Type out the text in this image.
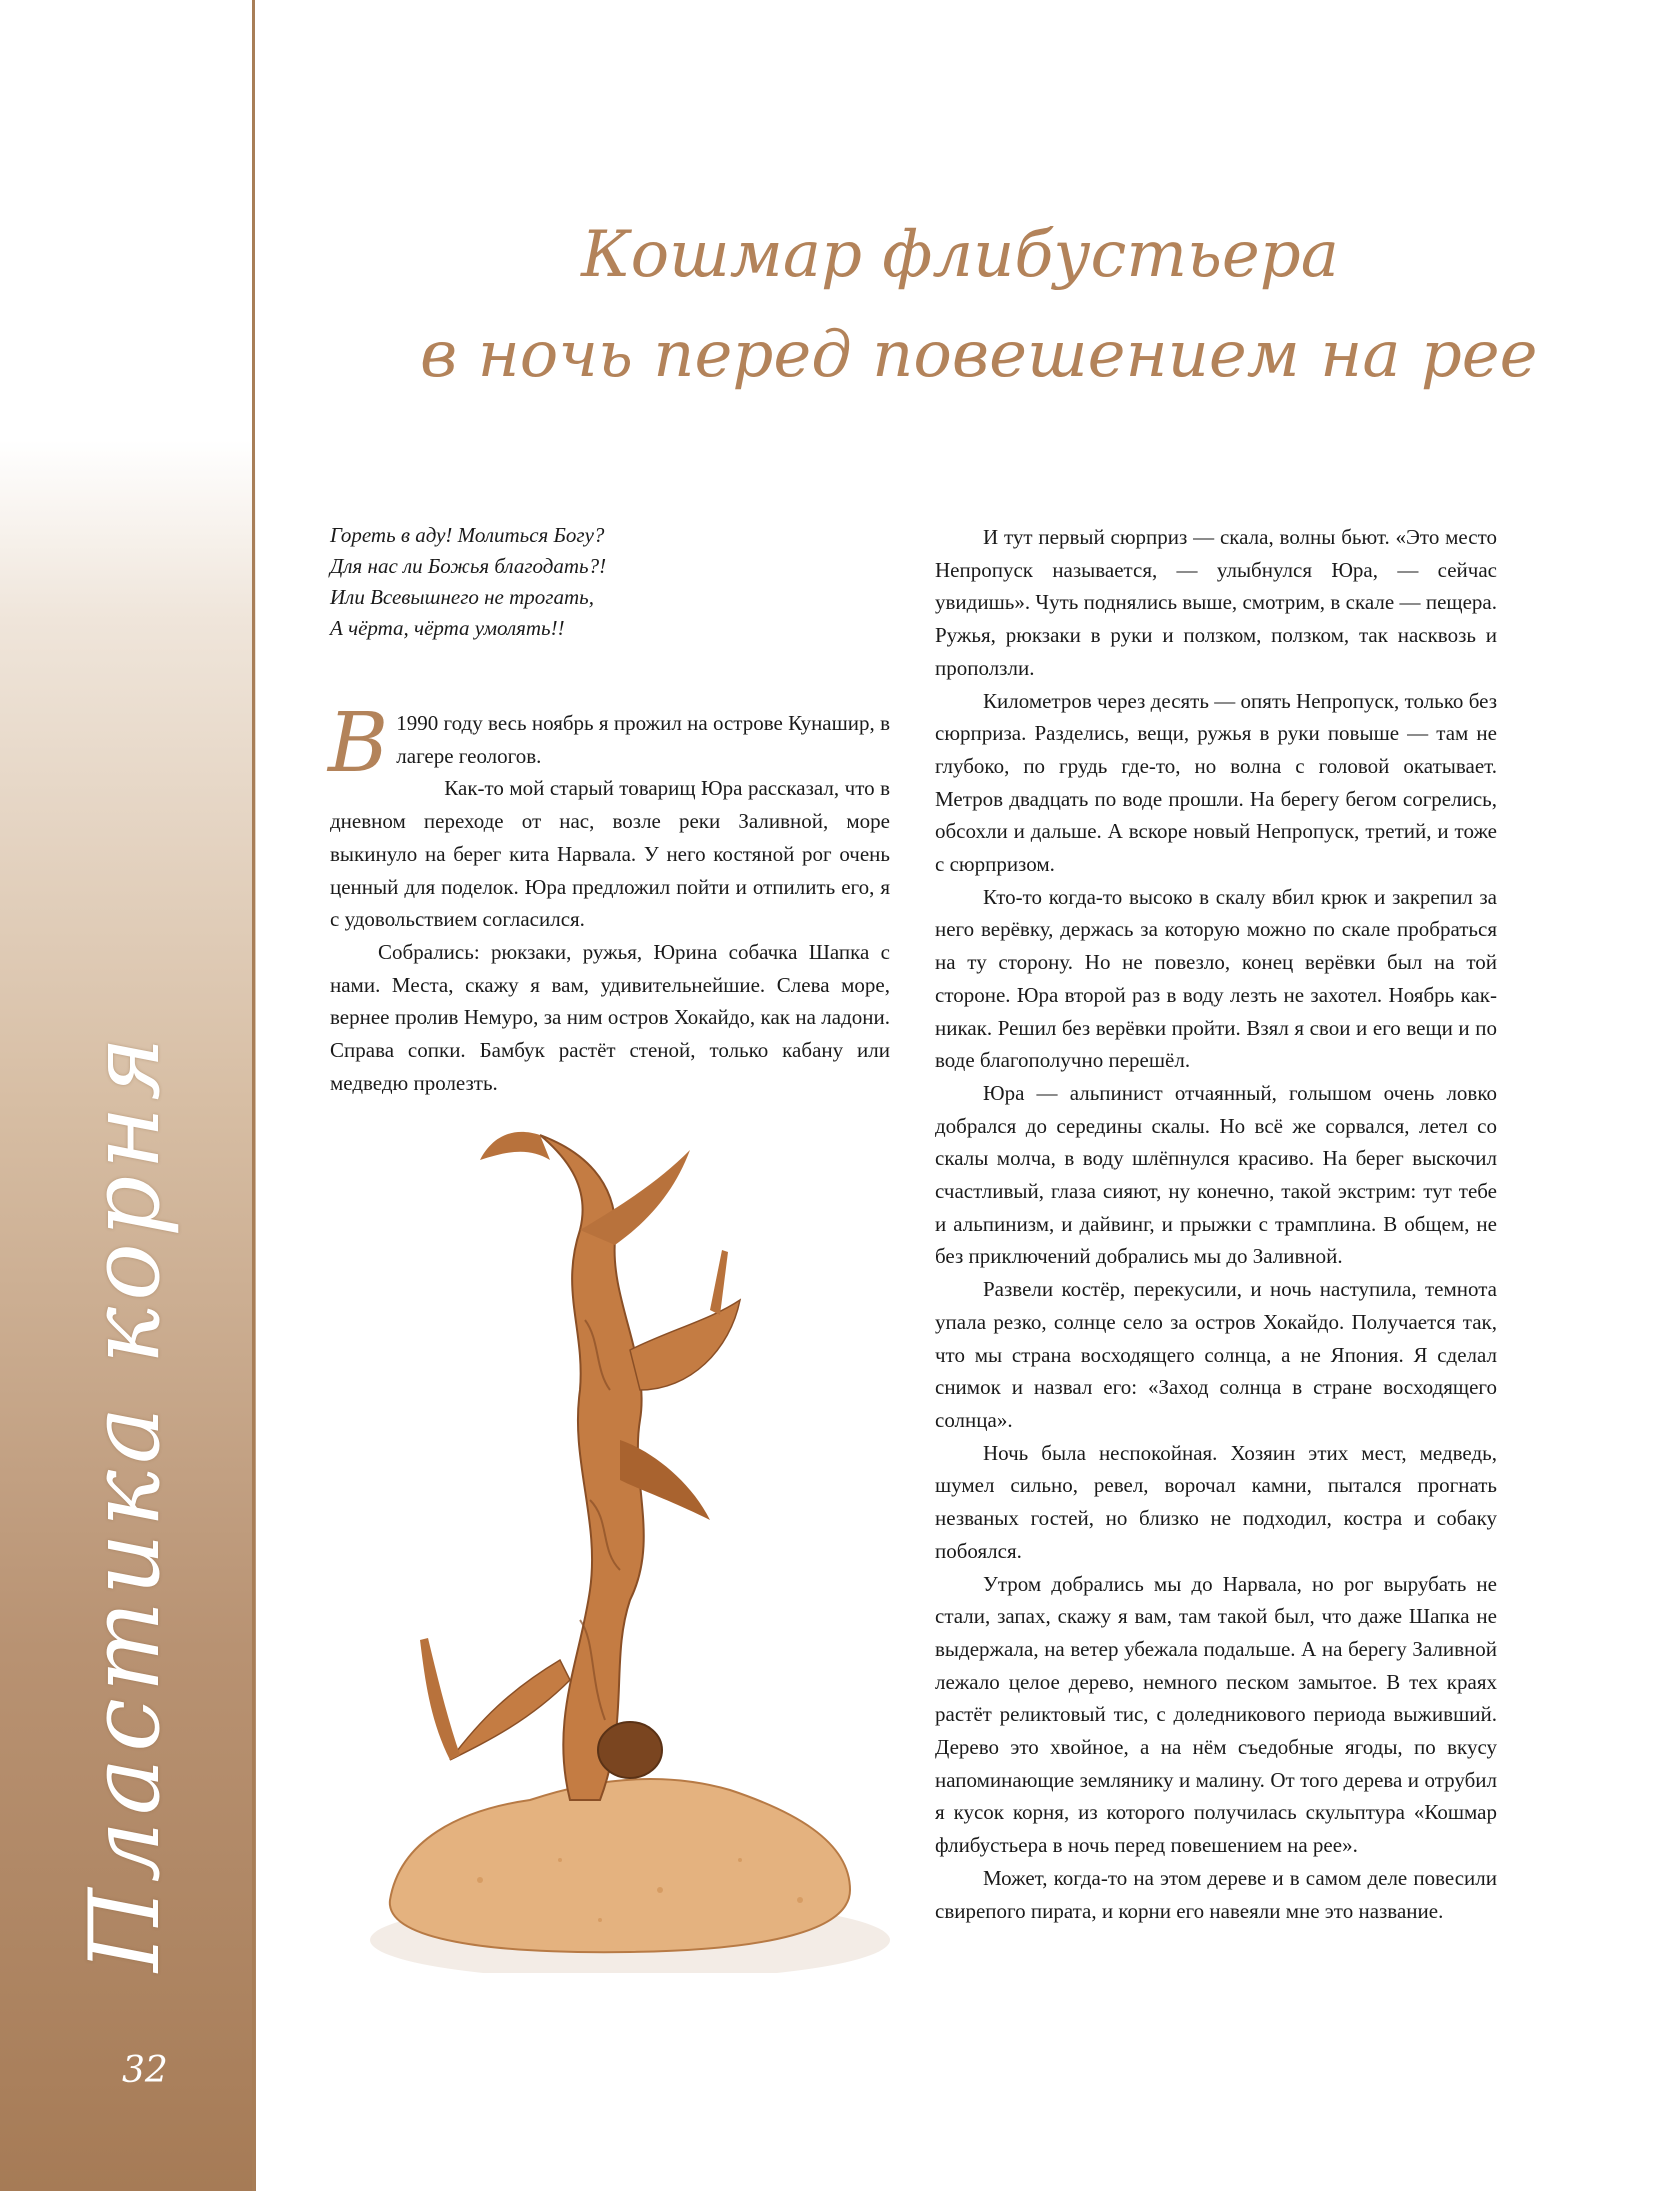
Пластика корня
32
Кошмар флибустьера
в ночь перед повешением на рее
Гореть в аду! Молиться Богу?
Для нас ли Божья благодать?!
Или Всевышнего не трогать,
А чёрта, чёрта умолять!!

В 1990 году весь ноябрь я прожил на острове Кунашир, в лагере геологов.

Как-то мой старый товарищ Юра рассказал, что в дневном переходе от нас, возле реки Заливной, море выкинуло на берег кита Нарвала. У него костяной рог очень ценный для поделок. Юра предложил пойти и отпилить его, я с удовольствием согласился.

Собрались: рюкзаки, ружья, Юрина собачка Шапка с нами. Места, скажу я вам, удивительнейшие. Слева море, вернее пролив Немуро, за ним остров Хокайдо, как на ладони. Справа сопки. Бамбук растёт стеной, только кабану или медведю пролезть.

И тут первый сюрприз — скала, волны бьют. «Это место Непропуск называется, — улыбнулся Юра, — сейчас увидишь». Чуть поднялись выше, смотрим, в скале — пещера. Ружья, рюкзаки в руки и ползком, ползком, так насквозь и проползли.

Километров через десять — опять Непропуск, только без сюрприза. Разделись, вещи, ружья в руки повыше — там не глубоко, по грудь где-то, но волна с головой окатывает. Метров двадцать по воде прошли. На берегу бегом согрелись, обсохли и дальше. А вскоре новый Непропуск, третий, и тоже с сюрпризом.

Кто-то когда-то высоко в скалу вбил крюк и закрепил за него верёвку, держась за которую можно по скале пробраться на ту сторону. Но не повезло, конец верёвки был на той стороне. Юра второй раз в воду лезть не захотел. Ноябрь как-никак. Решил без верёвки пройти. Взял я свои и его вещи и по воде благополучно перешёл.

Юра — альпинист отчаянный, голышом очень ловко добрался до середины скалы. Но всё же сорвался, летел со скалы молча, в воду шлёпнулся красиво. На берег выскочил счастливый, глаза сияют, ну конечно, такой экстрим: тут тебе и альпинизм, и дайвинг, и прыжки с трамплина. В общем, не без приключений добрались мы до Заливной.

Развели костёр, перекусили, и ночь наступила, темнота упала резко, солнце село за остров Хокайдо. Получается так, что мы страна восходящего солнца, а не Япония. Я сделал снимок и назвал его: «Заход солнца в стране восходящего солнца».

Ночь была неспокойная. Хозяин этих мест, медведь, шумел сильно, ревел, ворочал камни, пытался прогнать незваных гостей, но близко не подходил, костра и собаку побоялся.

Утром добрались мы до Нарвала, но рог вырубать не стали, запах, скажу я вам, там такой был, что даже Шапка не выдержала, на ветер убежала подальше. А на берегу Заливной лежало целое дерево, немного песком замытое. В тех краях растёт реликтовый тис, с доледникового периода выживший. Дерево это хвойное, а на нём съедобные ягоды, по вкусу напоминающие землянику и малину. От того дерева и отрубил я кусок корня, из которого получилась скульптура «Кошмар флибустьера в ночь перед повешением на рее».

Может, когда-то на этом дереве и в самом деле повесили свирепого пирата, и корни его навеяли мне это название.
